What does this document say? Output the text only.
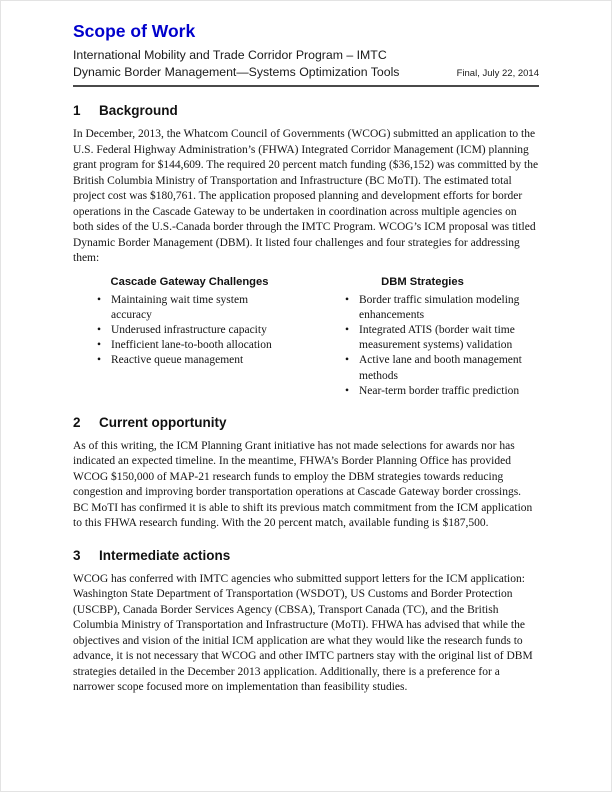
Scope of Work
International Mobility and Trade Corridor Program – IMTC
Dynamic Border Management—Systems Optimization Tools	Final, July 22, 2014
1	Background

In December, 2013, the Whatcom Council of Governments (WCOG) submitted an application to the U.S. Federal Highway Administration’s (FHWA) Integrated Corridor Management (ICM) planning grant program for $144,609. The required 20 percent match funding ($36,152) was committed by the British Columbia Ministry of Transportation and Infrastructure (BC MoTI). The estimated total project cost was $180,761. The application proposed planning and development efforts for border operations in the Cascade Gateway to be undertaken in coordination across multiple agencies on both sides of the U.S.-Canada border through the IMTC Program. WCOG’s ICM proposal was titled Dynamic Border Management (DBM). It listed four challenges and four strategies for addressing them:

Cascade Gateway Challenges
• Maintaining wait time system accuracy
• Underused infrastructure capacity
• Inefficient lane-to-booth allocation
• Reactive queue management
DBM Strategies
• Border traffic simulation modeling enhancements
• Integrated ATIS (border wait time measurement systems) validation
• Active lane and booth management methods
• Near-term border traffic prediction
2	Current opportunity

As of this writing, the ICM Planning Grant initiative has not made selections for awards nor has indicated an expected timeline. In the meantime, FHWA’s Border Planning Office has provided WCOG $150,000 of MAP-21 research funds to employ the DBM strategies towards reducing congestion and improving border transportation operations at Cascade Gateway border crossings. BC MoTI has confirmed it is able to shift its previous match commitment from the ICM application to this FHWA research funding. With the 20 percent match, available funding is $187,500.

3	Intermediate actions

WCOG has conferred with IMTC agencies who submitted support letters for the ICM application: Washington State Department of Transportation (WSDOT), US Customs and Border Protection (USCBP), Canada Border Services Agency (CBSA), Transport Canada (TC), and the British Columbia Ministry of Transportation and Infrastructure (MoTI). FHWA has advised that while the objectives and vision of the initial ICM application are what they would like the research funds to advance, it is not necessary that WCOG and other IMTC partners stay with the original list of DBM strategies detailed in the December 2013 application. Additionally, there is a preference for a narrower scope focused more on implementation than feasibility studies.
